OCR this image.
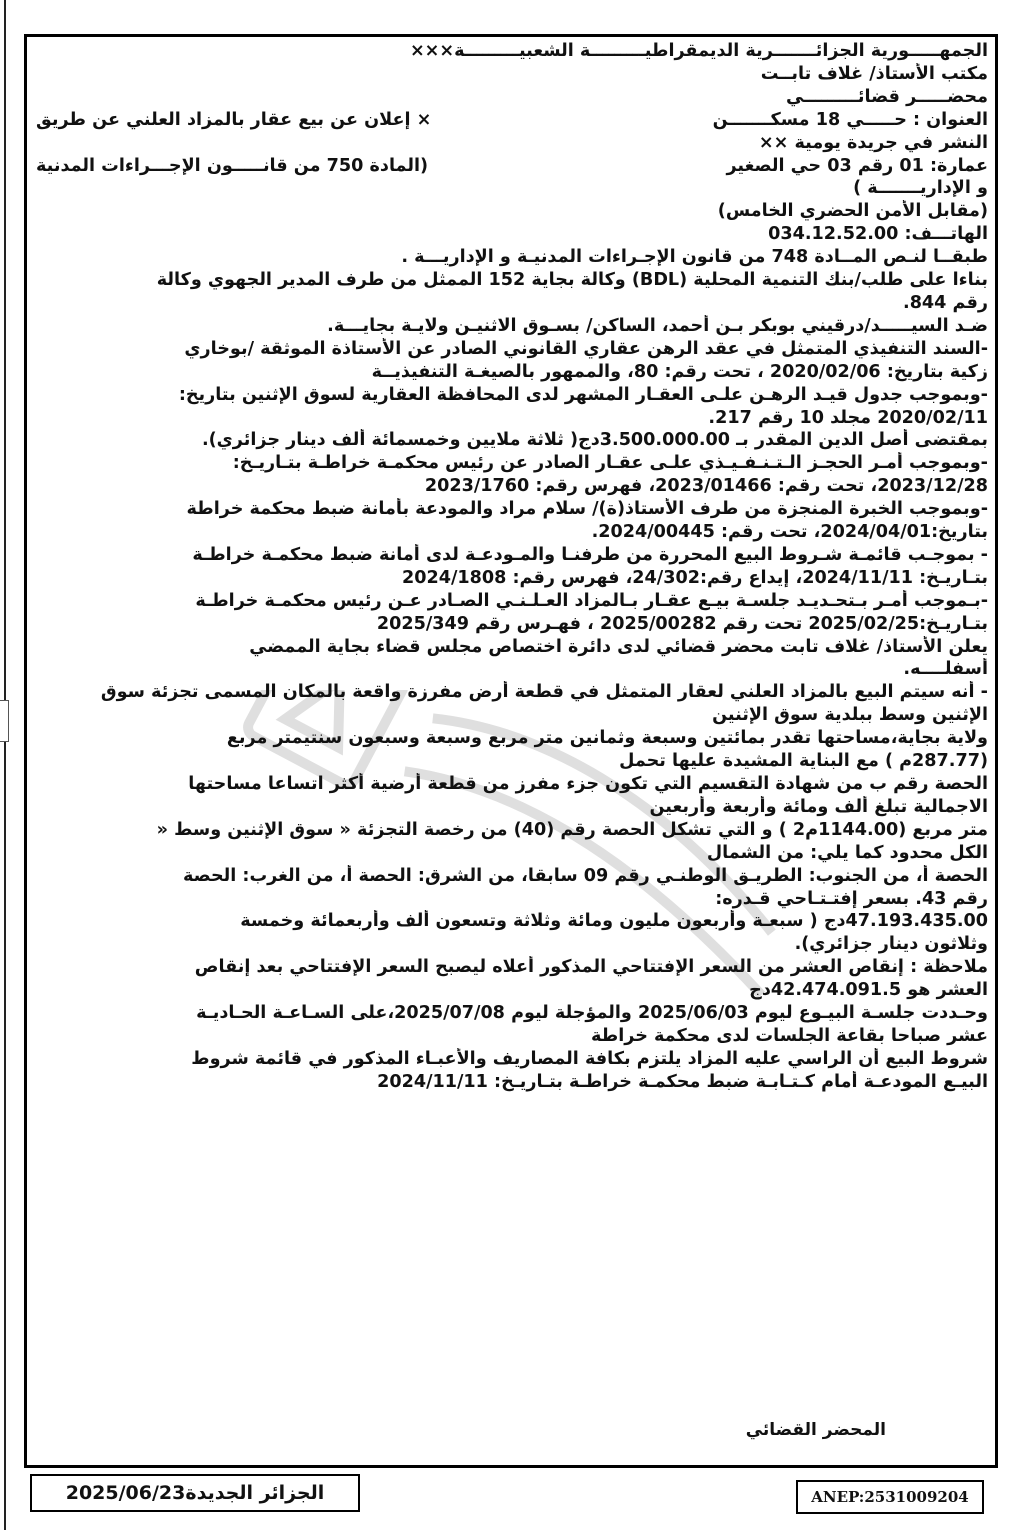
الجمهـــــورية الجزائـــــــرية الديمقراطيـــــــــة الشعبيـــــــــة×××
مكتب الأستاذ/ غلاف تابــت
محضـــــر قضائـــــــــي
العنوان : حـــــي 18 مسكـــــــن
× إعلان عن بيع عقار بالمزاد العلني عن طريق
النشر في جريدة يومية ××
عمارة: 01 رقم 03 حي الصغير
(المادة 750 من قانـــــون الإجـــراءات المدنية
و الإداريـــــــة )
(مقابل الأمن الحضري الخامس)
الهاتـــف: 034.12.52.00
طبقــا لنـص المــادة 748 من قانون الإجـراءات المدنيـة و الإداريـــة .
بناءا على طلب/بنك التنمية المحلية (BDL) وكالة بجاية 152 الممثل من طرف المدير الجهوي وكالة
رقم 844.
ضـد السيـــــد/درقيني بوبكر بـن أحمد، الساكن/ بسـوق الاثنيـن ولايـة بجايـــة.
-السند التنفيذي المتمثل في عقد الرهن عقاري القانوني الصادر عن الأستاذة الموثقة /بوخاري
زكية بتاريخ: 2020/02/06 ، تحت رقم: 80، والممهور بالصيغـة التنفيذيــة
-وبموجب جدول قيـد الرهـن علـى العقـار المشهر لدى المحافظة العقارية لسوق الإثنين بتاريخ:
2020/02/11 مجلد 10 رقم 217.
بمقتضى أصل الدين المقدر بـ 3.500.000.00دج( ثلاثة ملايين وخمسمائة ألف دينار جزائري).
-وبموجب أمـر الحجـز الـتـنـفـيـذي علـى عقـار الصادر عن رئيس محكمـة خراطـة بتـاريـخ:
2023/12/28، تحت رقم: 2023/01466، فهرس رقم: 2023/1760
-وبموجب الخبرة المنجزة من طرف الأستاذ(ة)/ سلام مراد والمودعة بأمانة ضبط محكمة خراطة
بتاريخ:2024/04/01، تحت رقم: 2024/00445.
- بموجـب قائمـة شـروط البيع المحررة من طرفنـا والمـودعـة لدى أمانة ضبط محكمـة خراطـة
بتـاريـخ: 2024/11/11، إيداع رقم:24/302، فهرس رقم: 2024/1808
-بـموجب أمـر بـتحـديـد جلسـة بيـع عقـار بـالمزاد العـلـنـي الصـادر عـن رئيس محكمـة خراطـة
بتـاريـخ:2025/02/25 تحت رقم 2025/00282 ، فهـرس رقم 2025/349
يعلن الأستاذ/ غلاف تابت محضر قضائي لدى دائرة اختصاص مجلس قضاء بجاية الممضي
أسفلــــه.
- أنه سيتم البيع بالمزاد العلني لعقار المتمثل في قطعة أرض مفرزة واقعة بالمكان المسمى تجزئة سوق
الإثنين وسط ببلدية سوق الإثنين
ولاية بجاية،مساحتها تقدر بمائتين وسبعة وثمانين متر مربع وسبعة وسبعون سنتيمتر مربع
(287.77م ) مع البناية المشيدة عليها تحمل
الحصة رقم ب من شهادة التقسيم التي تكون جزء مفرز من قطعة أرضية أكثر اتساعا مساحتها
الاجمالية تبلغ ألف ومائة وأربعة وأربعين
متر مربع (1144.00م2 ) و التي تشكل الحصة رقم (40) من رخصة التجزئة « سوق الإثنين وسط «
الكل محدود كما يلي: من الشمال
الحصة أ، من الجنوب: الطريـق الوطنـي رقم 09 سابقا، من الشرق: الحصة أ، من الغرب: الحصة
رقم 43. بسعر إفتـتـاحي قـدره:
47.193.435.00دج ( سبعـة وأربعون مليون ومائة وثلاثة وتسعون ألف وأربعمائة وخمسة
وثلاثون دينار جزائري).
ملاحظة : إنقاص العشر من السعر الإفتتاحي المذكور أعلاه ليصبح السعر الإفتتاحي بعد إنقاص
العشر هو 42.474.091.5دج
وحـددت جلسـة البيـوع ليوم 2025/06/03 والمؤجلة ليوم 2025/07/08،على السـاعـة الحـاديـة
عشر صباحا بقاعة الجلسات لدى محكمة خراطة
شروط البيع أن الراسي عليه المزاد يلتزم بكافة المصاريف والأعبـاء المذكور في قائمة شروط
البيـع المودعـة أمام كـتـابـة ضبط محكمـة خراطـة بتـاريـخ: 2024/11/11
المحضر القضائي
الجزائر الجديدة2025/06/23	ANEP:2531009204
